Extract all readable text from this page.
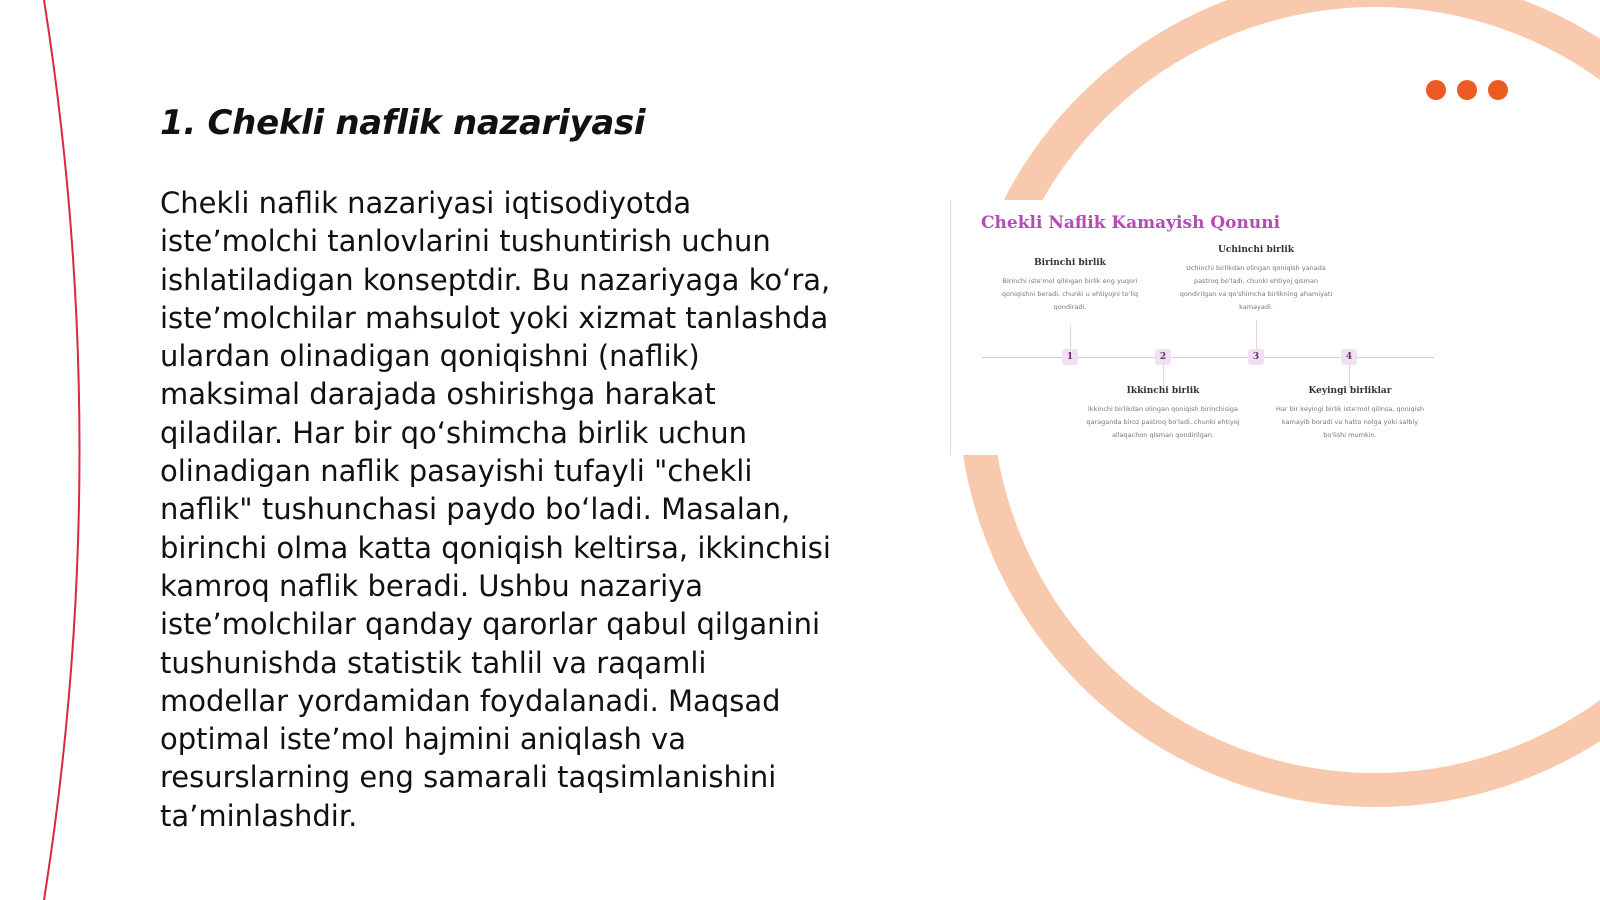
1. Chekli naflik nazariyasi

Chekli naflik nazariyasi iqtisodiyotda iste’molchi tanlovlarini tushuntirish uchun ishlatiladigan konseptdir. Bu nazariyaga ko‘ra, iste’molchilar mahsulot yoki xizmat tanlashda ulardan olinadigan qoniqishni (naflik) maksimal darajada oshirishga harakat qiladilar. Har bir qo‘shimcha birlik uchun olinadigan naflik pasayishi tufayli "chekli naflik" tushunchasi paydo bo‘ladi. Masalan, birinchi olma katta qoniqish keltirsa, ikkinchisi kamroq naflik beradi. Ushbu nazariya iste’molchilar qanday qarorlar qabul qilganini tushunishda statistik tahlil va raqamli modellar yordamidan foydalanadi. Maqsad optimal iste’mol hajmini aniqlash va resurslarning eng samarali taqsimlanishini ta’minlashdir.

Chekli Naflik Kamayish Qonuni
1

Birinchi birlik

Birinchi iste'mol qilingan birlik eng yuqori qoniqishni beradi, chunki u ehtiyojni to'liq qondiradi.

2

Ikkinchi birlik

Ikkinchi birlikdan olingan qoniqish birinchisiga qaraganda biroz pastroq bo'ladi, chunki ehtiyoj allaqachon qisman qondirilgan.

3

Uchinchi birlik

Uchinchi birlikdan olingan qoniqish yanada pastroq bo'ladi, chunki ehtiyoj qisman qondirilgan va qo'shimcha birlikning ahamiyati kamayadi.

4

Keyingi birliklar

Har bir keyingi birlik iste'mol qilinsa, qoniqish kamayib boradi va hatto nolga yoki salbiy bo'lishi mumkin.
